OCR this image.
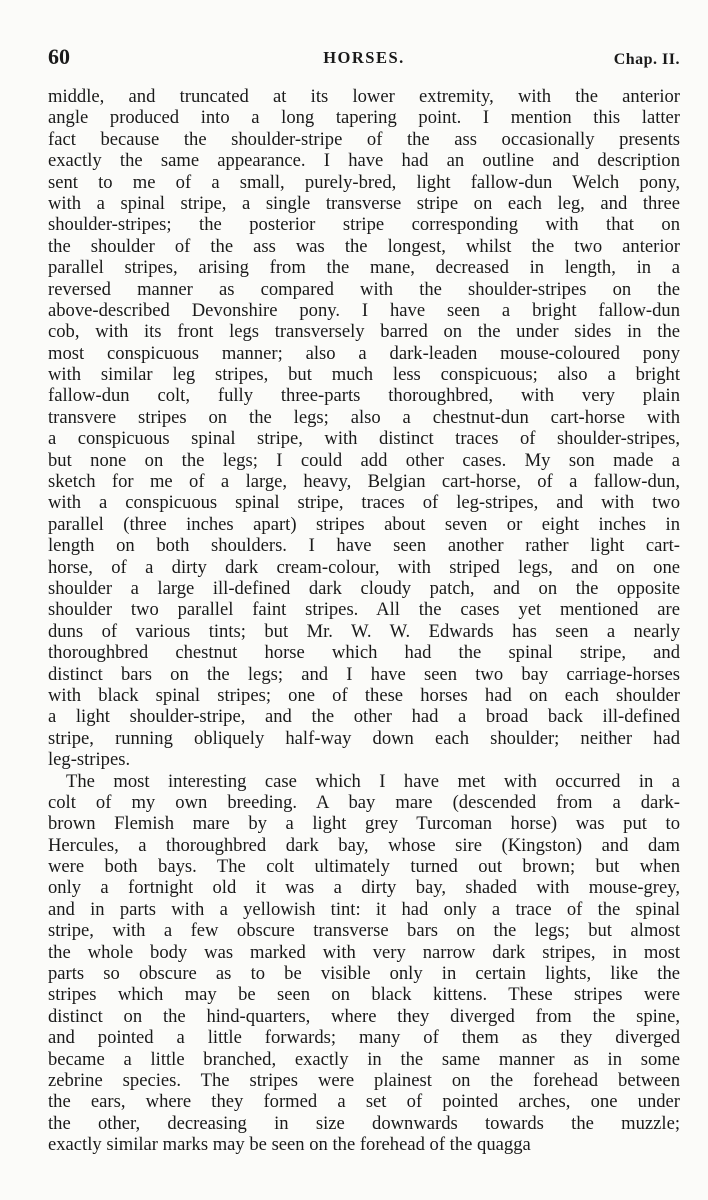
60	HORSES.	Chap. II.
middle, and truncated at its lower extremity, with the anterior
angle produced into a long tapering point. I mention this latter
fact because the shoulder-stripe of the ass occasionally presents
exactly the same appearance. I have had an outline and description
sent to me of a small, purely-bred, light fallow-dun Welch pony,
with a spinal stripe, a single transverse stripe on each leg, and three
shoulder-stripes; the posterior stripe corresponding with that on
the shoulder of the ass was the longest, whilst the two anterior
parallel stripes, arising from the mane, decreased in length, in a
reversed manner as compared with the shoulder-stripes on the
above-described Devonshire pony. I have seen a bright fallow-dun
cob, with its front legs transversely barred on the under sides in the
most conspicuous manner; also a dark-leaden mouse-coloured pony
with similar leg stripes, but much less conspicuous; also a bright
fallow-dun colt, fully three-parts thoroughbred, with very plain
transvere stripes on the legs; also a chestnut-dun cart-horse with
a conspicuous spinal stripe, with distinct traces of shoulder-stripes,
but none on the legs; I could add other cases. My son made a
sketch for me of a large, heavy, Belgian cart-horse, of a fallow-dun,
with a conspicuous spinal stripe, traces of leg-stripes, and with two
parallel (three inches apart) stripes about seven or eight inches in
length on both shoulders. I have seen another rather light cart-
horse, of a dirty dark cream-colour, with striped legs, and on one
shoulder a large ill-defined dark cloudy patch, and on the opposite
shoulder two parallel faint stripes. All the cases yet mentioned are
duns of various tints; but Mr. W. W. Edwards has seen a nearly
thoroughbred chestnut horse which had the spinal stripe, and
distinct bars on the legs; and I have seen two bay carriage-horses
with black spinal stripes; one of these horses had on each shoulder
a light shoulder-stripe, and the other had a broad back ill-defined
stripe, running obliquely half-way down each shoulder; neither had
leg-stripes.
The most interesting case which I have met with occurred in a
colt of my own breeding. A bay mare (descended from a dark-
brown Flemish mare by a light grey Turcoman horse) was put to
Hercules, a thoroughbred dark bay, whose sire (Kingston) and dam
were both bays. The colt ultimately turned out brown; but when
only a fortnight old it was a dirty bay, shaded with mouse-grey,
and in parts with a yellowish tint: it had only a trace of the spinal
stripe, with a few obscure transverse bars on the legs; but almost
the whole body was marked with very narrow dark stripes, in most
parts so obscure as to be visible only in certain lights, like the
stripes which may be seen on black kittens. These stripes were
distinct on the hind-quarters, where they diverged from the spine,
and pointed a little forwards; many of them as they diverged
became a little branched, exactly in the same manner as in some
zebrine species. The stripes were plainest on the forehead between
the ears, where they formed a set of pointed arches, one under
the other, decreasing in size downwards towards the muzzle;
exactly similar marks may be seen on the forehead of the quagga
